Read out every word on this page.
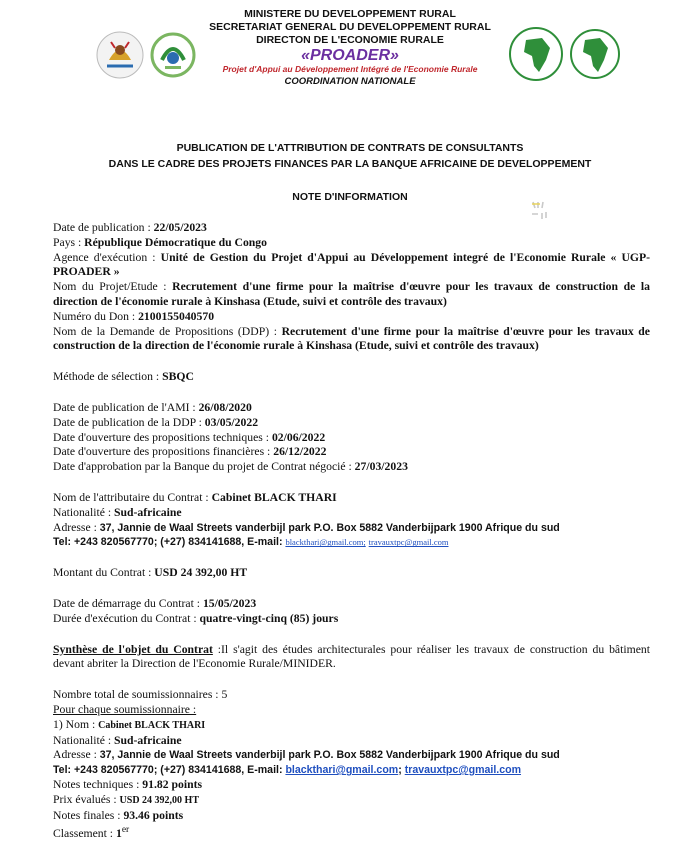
MINISTERE DU DEVELOPPEMENT RURAL
SECRETARIAT GENERAL DU DEVELOPPEMENT RURAL
DIRECTON DE L'ECONOMIE RURALE
«PROADER»
Projet d'Appui au Développement Intégré de l'Economie Rurale
COORDINATION NATIONALE
PUBLICATION DE L'ATTRIBUTION DE CONTRATS DE CONSULTANTS
DANS LE CADRE DES PROJETS FINANCES PAR LA BANQUE AFRICAINE DE DEVELOPPEMENT
NOTE D'INFORMATION

Date de publication : 22/05/2023

Pays : République Démocratique du Congo

Agence d'exécution : Unité de Gestion du Projet d'Appui au Développement integré de l'Economie Rurale « UGP-PROADER »

Nom du Projet/Etude : Recrutement d'une firme pour la maîtrise d'œuvre pour les travaux de construction de la direction de l'économie rurale à Kinshasa (Etude, suivi et contrôle des travaux)

Numéro du Don : 2100155040570

Nom de la Demande de Propositions (DDP) : Recrutement d'une firme pour la maîtrise d'œuvre pour les travaux de construction de la direction de l'économie rurale à Kinshasa (Etude, suivi et contrôle des travaux)

Méthode de sélection : SBQC

Date de publication de l'AMI : 26/08/2020

Date de publication de la DDP : 03/05/2022

Date d'ouverture des propositions techniques : 02/06/2022

Date d'ouverture des propositions financières : 26/12/2022

Date d'approbation par la Banque du projet de Contrat négocié : 27/03/2023

Nom de l'attributaire du Contrat : Cabinet BLACK THARI

Nationalité : Sud-africaine

Adresse : 37, Jannie de Waal Streets vanderbijl park P.O. Box 5882 Vanderbijpark 1900 Afrique du sud

Tel: +243 820567770; (+27) 834141688, E-mail: blackthari@gmail.com; travauxtpc@gmail.com

Montant du Contrat : USD 24 392,00 HT

Date de démarrage du Contrat : 15/05/2023

Durée d'exécution du Contrat : quatre-vingt-cinq (85) jours

Synthèse de l'objet du Contrat :Il s'agit des études architecturales pour réaliser les travaux de construction du bâtiment devant abriter la Direction de l'Economie Rurale/MINIDER.

Nombre total de soumissionnaires : 5

Pour chaque soumissionnaire :

1) Nom : Cabinet BLACK THARI

Nationalité : Sud-africaine

Adresse : 37, Jannie de Waal Streets vanderbijl park P.O. Box 5882 Vanderbijpark 1900 Afrique du sud

Tel: +243 820567770; (+27) 834141688, E-mail: blackthari@gmail.com; travauxtpc@gmail.com

Notes techniques : 91.82 points

Prix évalués : USD 24 392,00 HT

Notes finales : 93.46 points

Classement : 1er
